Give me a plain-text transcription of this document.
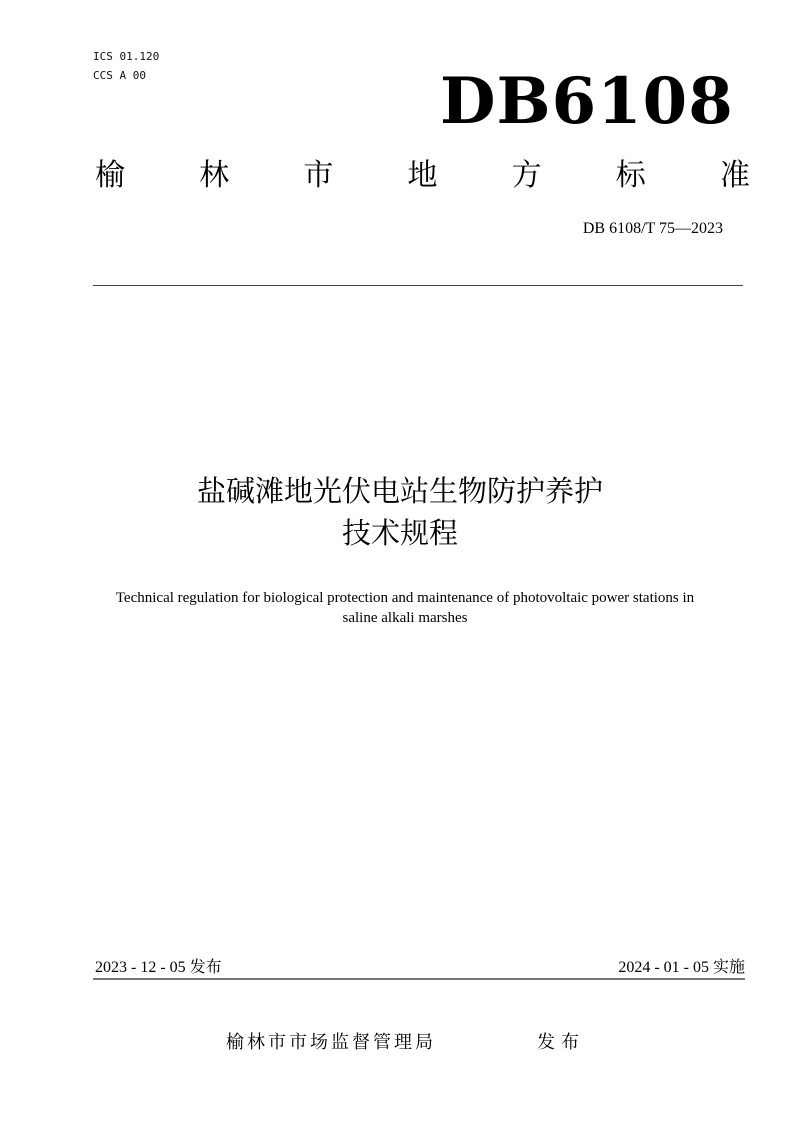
ICS 01.120
CCS A 00	DB6108
榆 林 市 地 方 标 准
DB 6108/T 75—2023
盐碱滩地光伏电站生物防护养护
技术规程
Technical regulation for biological protection and maintenance of photovoltaic power stations in
saline alkali marshes
2023 - 12 - 05 发布	2024 - 01 - 05 实施
榆林市市场监督管理局	发布
